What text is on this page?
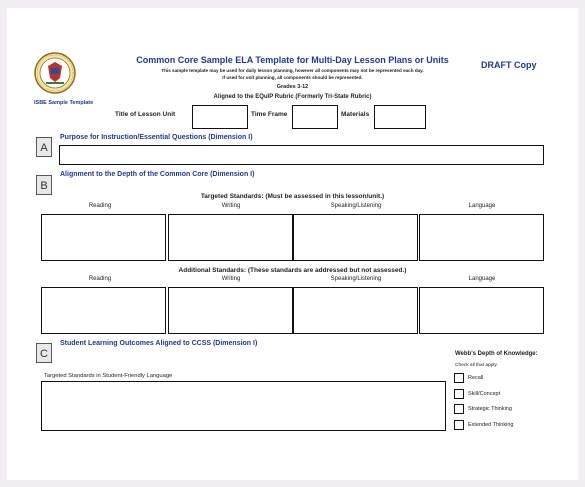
ISBE Sample Template
Common Core Sample ELA Template for Multi-Day Lesson Plans or Units	DRAFT Copy
This sample template may be used for daily lesson planning, however all components may not be represented each day.
If used for unit planning, all components should be represented.
Grades 3-12
Aligned to the EQuIP Rubric (Formerly Tri-State Rubric)
Title of Lesson Unit	Time Frame	Materials
A
Purpose for Instruction/Essential Questions (Dimension I)
B
Alignment to the Depth of the Common Core (Dimension I)
Targeted Standards: (Must be assessed in this lesson/unit.)
Reading	Writing	Speaking/Listening	Language
Additional Standards: (These standards are addressed but not assessed.)
Reading	Writing	Speaking/Listening	Language
C
Student Learning Outcomes Aligned to CCSS (Dimension I)
Targeted Standards in Student-Friendly Language
Webb's Depth of Knowledge:
Check all that apply.
Recall
Skill/Concept
Strategic Thinking
Extended Thinking
